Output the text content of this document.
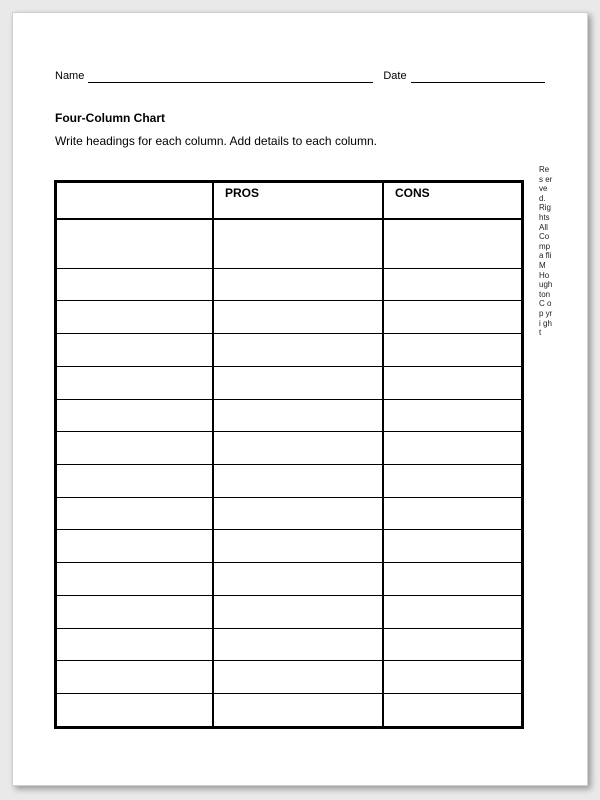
Name	Date
Four-Column Chart
Write headings for each column. Add details to each column.
	PROS	CONS

Res erved. Rights All Co mpa fli M Hough ton C op yri ght
